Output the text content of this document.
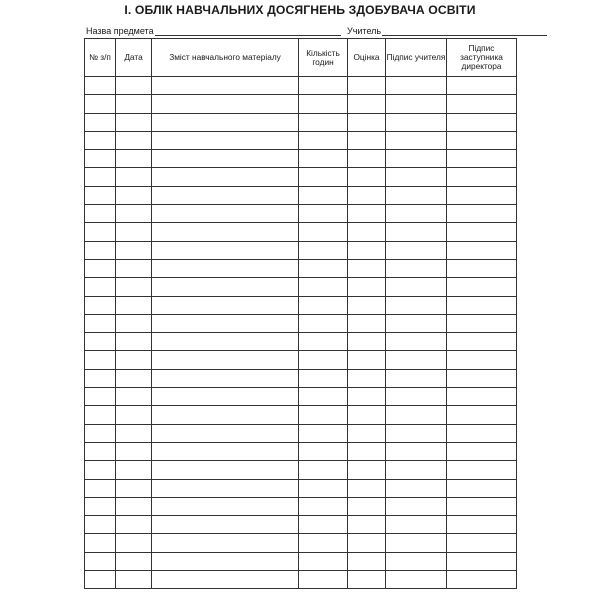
І. ОБЛІК НАВЧАЛЬНИХ ДОСЯГНЕНЬ ЗДОБУВАЧА ОСВІТИ
Назва предмета	Учитель
№ з/п	Дата	Зміст навчального матеріалу	Кількість годин	Оцінка	Підпис учителя	Підпис заступника директора
